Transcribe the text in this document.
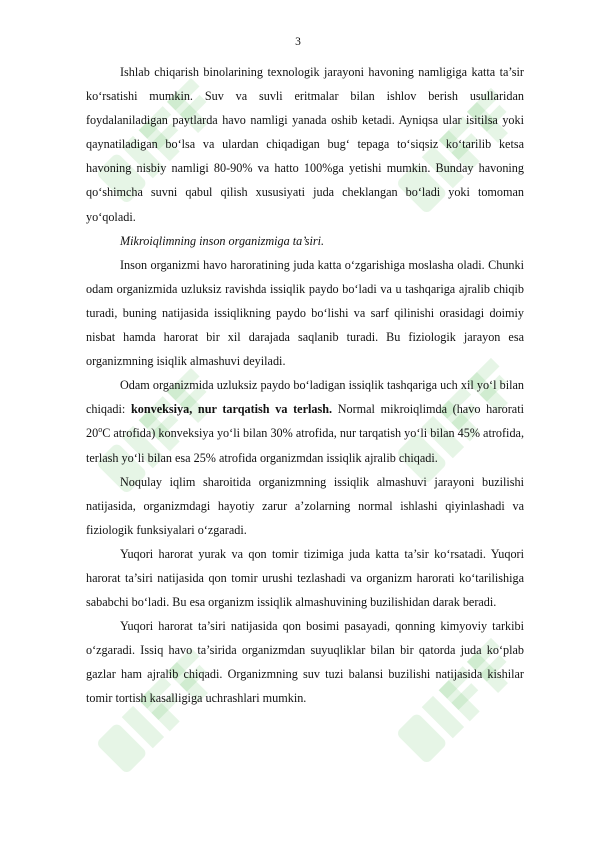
3

Ishlab chiqarish binolarining texnologik jarayoni havoning namligiga katta ta’sir ko‘rsatishi mumkin. Suv va suvli eritmalar bilan ishlov berish usullaridan foydalaniladigan paytlarda havo namligi yanada oshib ketadi. Ayniqsa ular isitilsa yoki qaynatiladigan bo‘lsa va ulardan chiqadigan bug‘ tepaga to‘siqsiz ko‘tarilib ketsa havoning nisbiy namligi 80-90% va hatto 100%ga yetishi mumkin. Bunday havoning qo‘shimcha suvni qabul qilish xususiyati juda cheklangan bo‘ladi yoki tomoman yo‘qoladi.

Mikroiqlimning inson organizmiga ta’siri.

Inson organizmi havo haroratining juda katta o‘zgarishiga moslasha oladi. Chunki odam organizmida uzluksiz ravishda issiqlik paydo bo‘ladi va u tashqariga ajralib chiqib turadi, buning natijasida issiqlikning paydo bo‘lishi va sarf qilinishi orasidagi doimiy nisbat hamda harorat bir xil darajada saqlanib turadi. Bu fiziologik jarayon esa organizmning isiqlik almashuvi deyiladi.

Odam organizmida uzluksiz paydo bo‘ladigan issiqlik tashqariga uch xil yo‘l bilan chiqadi: konveksiya, nur tarqatish va terlash. Normal mikroiqlimda (havo harorati 20$^o$C atrofida) konveksiya yo‘li bilan 30% atrofida, nur tarqatish yo‘li bilan 45% atrofida, terlash yo‘li bilan esa 25% atrofida organizmdan issiqlik ajralib chiqadi.

Noqulay iqlim sharoitida organizmning issiqlik almashuvi jarayoni buzilishi natijasida, organizmdagi hayotiy zarur a’zolarning normal ishlashi qiyinlashadi va fiziologik funksiyalari o‘zgaradi.

Yuqori harorat yurak va qon tomir tizimiga juda katta ta’sir ko‘rsatadi. Yuqori harorat ta’siri natijasida qon tomir urushi tezlashadi va organizm harorati ko‘tarilishiga sababchi bo‘ladi. Bu esa organizm issiqlik almashuvining buzilishidan darak beradi.

Yuqori harorat ta’siri natijasida qon bosimi pasayadi, qonning kimyoviy tarkibi o‘zgaradi. Issiq havo ta’sirida organizmdan suyuqliklar bilan bir qatorda juda ko‘plab gazlar ham ajralib chiqadi. Organizmning suv tuzi balansi buzilishi natijasida kishilar tomir tortish kasalligiga uchrashlari mumkin.
